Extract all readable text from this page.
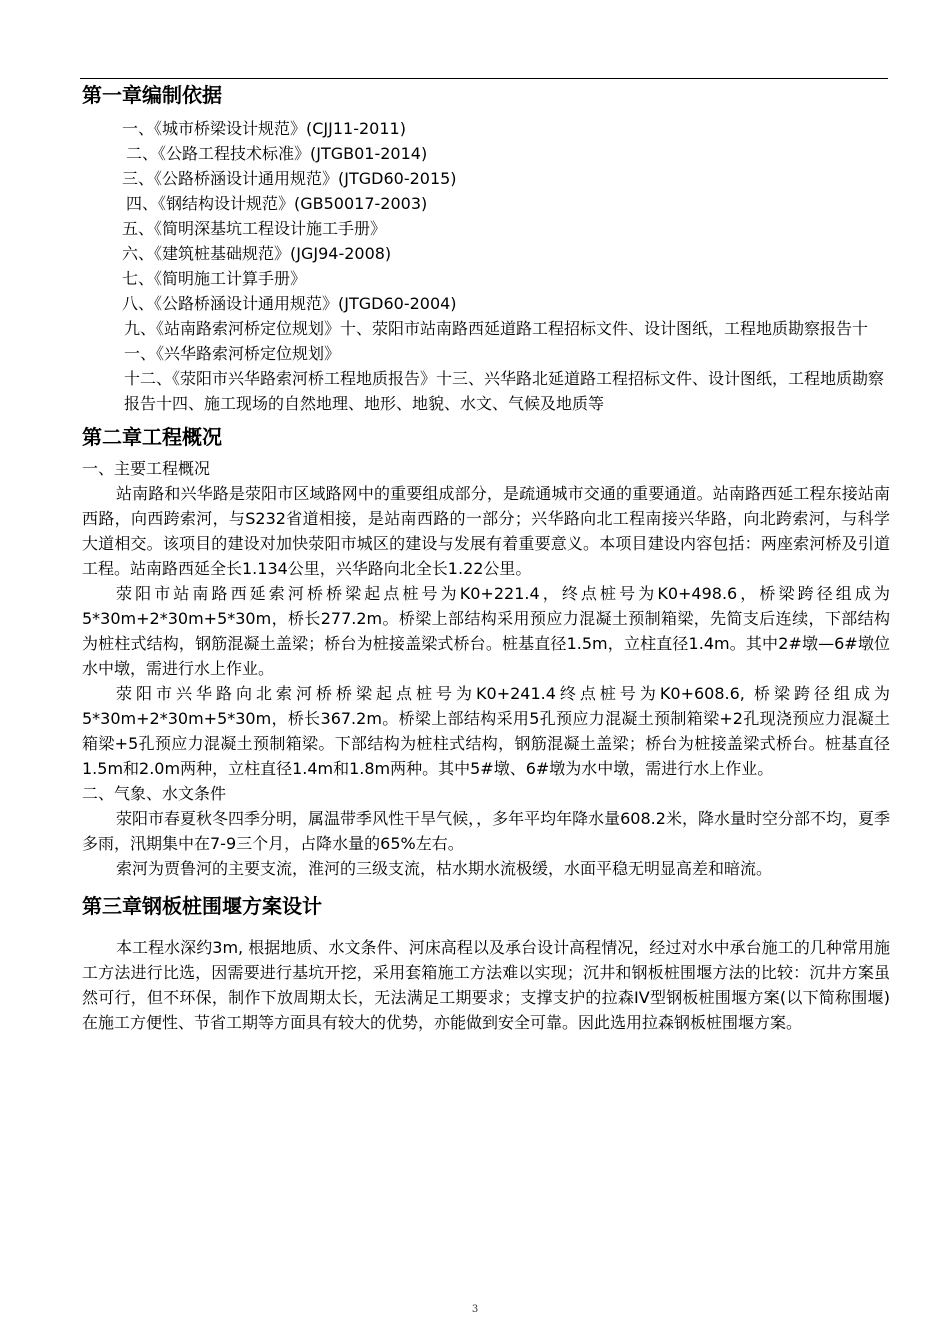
第一章编制依据
一、《城市桥梁设计规范》(CJJ11-2011)
二、《公路工程技术标准》(JTGB01-2014)
三、《公路桥涵设计通用规范》(JTGD60-2015)
四、《钢结构设计规范》(GB50017-2003)
五、《简明深基坑工程设计施工手册》
六、《建筑桩基础规范》(JGJ94-2008)
七、《简明施工计算手册》
八、《公路桥涵设计通用规范》(JTGD60-2004)
九、《站南路索河桥定位规划》十、荥阳市站南路西延道路工程招标文件、设计图纸，工程地质勘察报告十一、《兴华路索河桥定位规划》
十二、《荥阳市兴华路索河桥工程地质报告》十三、兴华路北延道路工程招标文件、设计图纸，工程地质勘察报告十四、施工现场的自然地理、地形、地貌、水文、气候及地质等
第二章工程概况

一、主要工程概况

站南路和兴华路是荥阳市区域路网中的重要组成部分，是疏通城市交通的重要通道。站南路西延工程东接站南西路，向西跨索河，与S232省道相接，是站南西路的一部分；兴华路向北工程南接兴华路，向北跨索河，与科学大道相交。该项目的建设对加快荥阳市城区的建设与发展有着重要意义。本项目建设内容包括：两座索河桥及引道工程。站南路西延全长1.134公里，兴华路向北全长1.22公里。

荥阳市站南路西延索河桥桥梁起点桩号为K0+221.4，终点桩号为K0+498.6，桥梁跨径组成为5*30m+2*30m+5*30m，桥长277.2m。桥梁上部结构采用预应力混凝土预制箱梁，先简支后连续，下部结构为桩柱式结构，钢筋混凝土盖梁；桥台为桩接盖梁式桥台。桩基直径1.5m，立柱直径1.4m。其中2#墩—6#墩位水中墩，需进行水上作业。

荥阳市兴华路向北索河桥桥梁起点桩号为K0+241.4终点桩号为K0+608.6, 桥梁跨径组成为5*30m+2*30m+5*30m，桥长367.2m。桥梁上部结构采用5孔预应力混凝土预制箱梁+2孔现浇预应力混凝土箱梁+5孔预应力混凝土预制箱梁。下部结构为桩柱式结构，钢筋混凝土盖梁；桥台为桩接盖梁式桥台。桩基直径1.5m和2.0m两种，立柱直径1.4m和1.8m两种。其中5#墩、6#墩为水中墩，需进行水上作业。

二、气象、水文条件

荥阳市春夏秋冬四季分明，属温带季风性干旱气候，，多年平均年降水量608.2米，降水量时空分部不均，夏季多雨，汛期集中在7-9三个月，占降水量的65%左右。

索河为贾鲁河的主要支流，淮河的三级支流，枯水期水流极缓，水面平稳无明显高差和暗流。

第三章钢板桩围堰方案设计

本工程水深约3m, 根据地质、水文条件、河床高程以及承台设计高程情况，经过对水中承台施工的几种常用施工方法进行比选，因需要进行基坑开挖，采用套箱施工方法难以实现；沉井和钢板桩围堰方法的比较：沉井方案虽然可行，但不环保，制作下放周期太长，无法满足工期要求；支撑支护的拉森IV型钢板桩围堰方案(以下简称围堰)在施工方便性、节省工期等方面具有较大的优势，亦能做到安全可靠。因此选用拉森钢板桩围堰方案。

3
